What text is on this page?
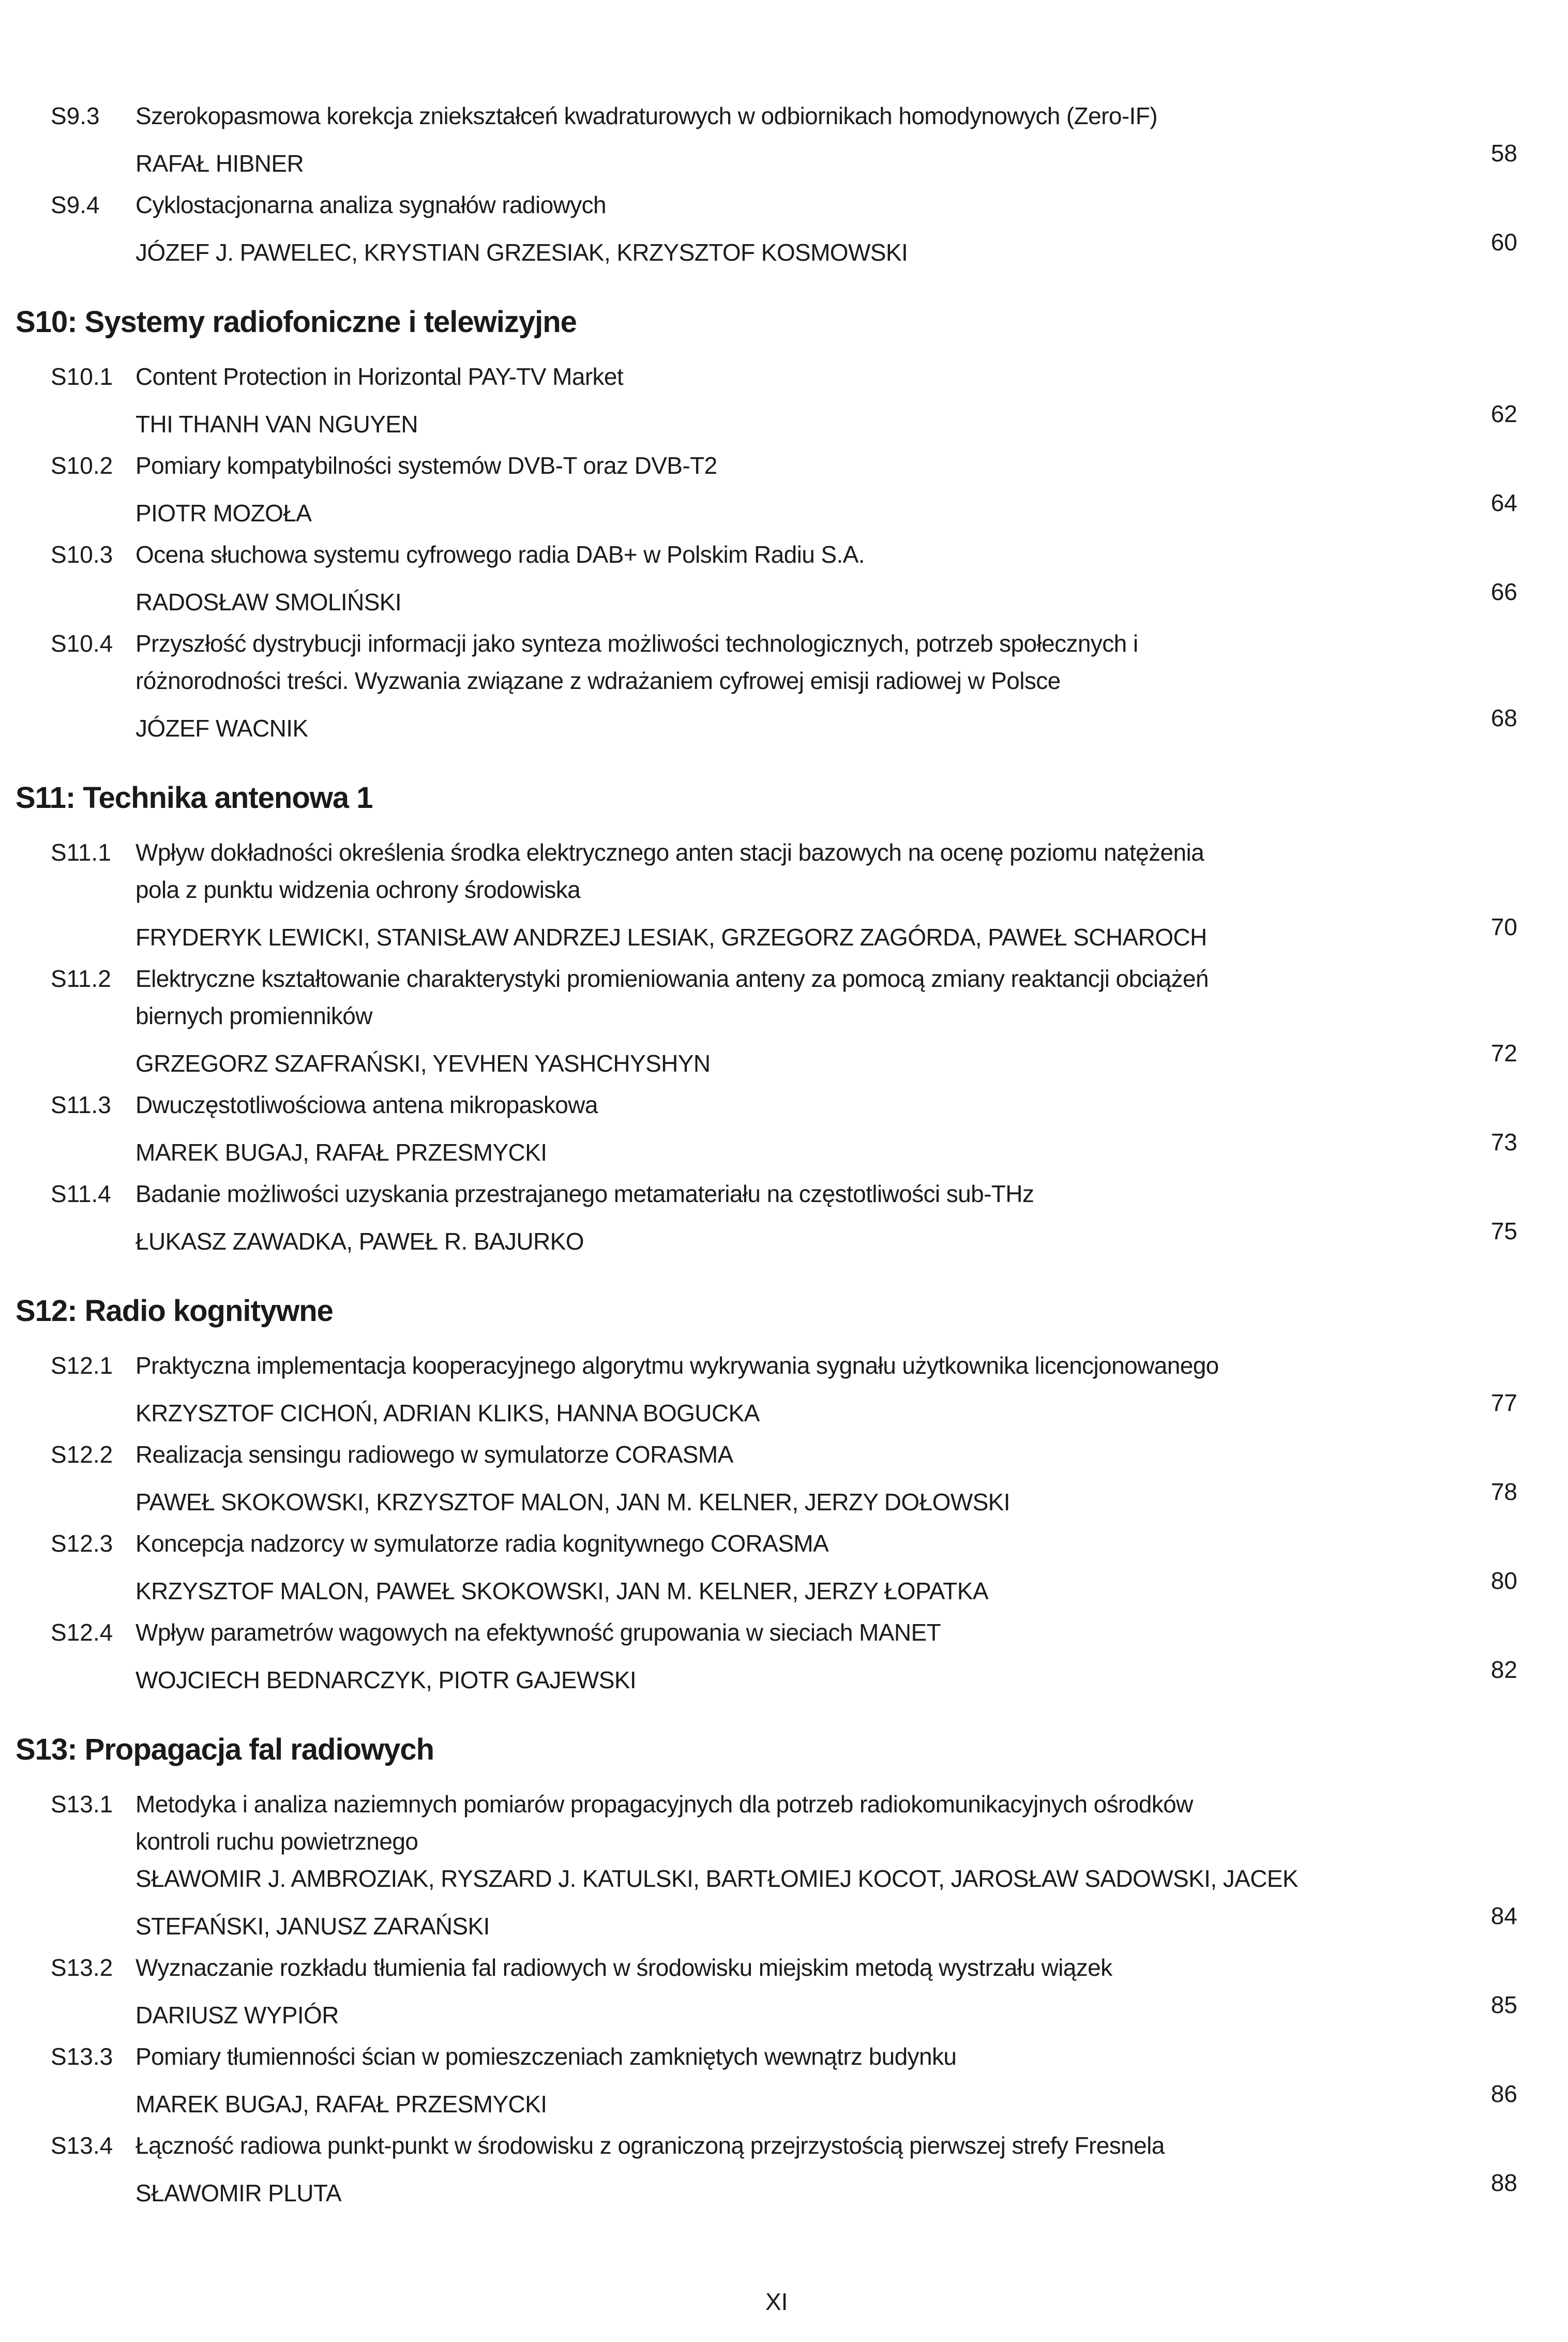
S9.3 Szerokopasmowa korekcja zniekształceń kwadraturowych w odbiornikach homodynowych (Zero-IF)
RAFAŁ HIBNER	58
S9.4 Cyklostacjonarna analiza sygnałów radiowych
JÓZEF J. PAWELEC, KRYSTIAN GRZESIAK, KRZYSZTOF KOSMOWSKI	60
S10: Systemy radiofoniczne i telewizyjne
S10.1 Content Protection in Horizontal PAY-TV Market
THI THANH VAN NGUYEN	62
S10.2 Pomiary kompatybilności systemów DVB-T oraz DVB-T2
PIOTR MOZOŁA	64
S10.3 Ocena słuchowa systemu cyfrowego radia DAB+ w Polskim Radiu S.A.
RADOSŁAW SMOLIŃSKI	66
S10.4 Przyszłość dystrybucji informacji jako synteza możliwości technologicznych, potrzeb społecznych i
różnorodności treści. Wyzwania związane z wdrażaniem cyfrowej emisji radiowej w Polsce
JÓZEF WACNIK	68
S11: Technika antenowa 1
S11.1 Wpływ dokładności określenia środka elektrycznego anten stacji bazowych na ocenę poziomu natężenia
pola z punktu widzenia ochrony środowiska
FRYDERYK LEWICKI, STANISŁAW ANDRZEJ LESIAK, GRZEGORZ ZAGÓRDA, PAWEŁ SCHAROCH	70
S11.2 Elektryczne kształtowanie charakterystyki promieniowania anteny za pomocą zmiany reaktancji obciążeń
biernych promienników
GRZEGORZ SZAFRAŃSKI, YEVHEN YASHCHYSHYN	72
S11.3 Dwuczęstotliwościowa antena mikropaskowa
MAREK BUGAJ, RAFAŁ PRZESMYCKI	73
S11.4 Badanie możliwości uzyskania przestrajanego metamateriału na częstotliwości sub-THz
ŁUKASZ ZAWADKA, PAWEŁ R. BAJURKO	75
S12: Radio kognitywne
S12.1 Praktyczna implementacja kooperacyjnego algorytmu wykrywania sygnału użytkownika licencjonowanego
KRZYSZTOF CICHOŃ, ADRIAN KLIKS, HANNA BOGUCKA	77
S12.2 Realizacja sensingu radiowego w symulatorze CORASMA
PAWEŁ SKOKOWSKI, KRZYSZTOF MALON, JAN M. KELNER, JERZY DOŁOWSKI	78
S12.3 Koncepcja nadzorcy w symulatorze radia kognitywnego CORASMA
KRZYSZTOF MALON, PAWEŁ SKOKOWSKI, JAN M. KELNER, JERZY ŁOPATKA	80
S12.4 Wpływ parametrów wagowych na efektywność grupowania w sieciach MANET
WOJCIECH BEDNARCZYK, PIOTR GAJEWSKI	82
S13: Propagacja fal radiowych
S13.1 Metodyka i analiza naziemnych pomiarów propagacyjnych dla potrzeb radiokomunikacyjnych ośrodków
kontroli ruchu powietrznego
SŁAWOMIR J. AMBROZIAK, RYSZARD J. KATULSKI, BARTŁOMIEJ KOCOT, JAROSŁAW SADOWSKI, JACEK
STEFAŃSKI, JANUSZ ZARAŃSKI	84
S13.2 Wyznaczanie rozkładu tłumienia fal radiowych w środowisku miejskim metodą wystrzału wiązek
DARIUSZ WYPIÓR	85
S13.3 Pomiary tłumienności ścian w pomieszczeniach zamkniętych wewnątrz budynku
MAREK BUGAJ, RAFAŁ PRZESMYCKI	86
S13.4 Łączność radiowa punkt-punkt w środowisku z ograniczoną przejrzystością pierwszej strefy Fresnela
SŁAWOMIR PLUTA	88
XI
